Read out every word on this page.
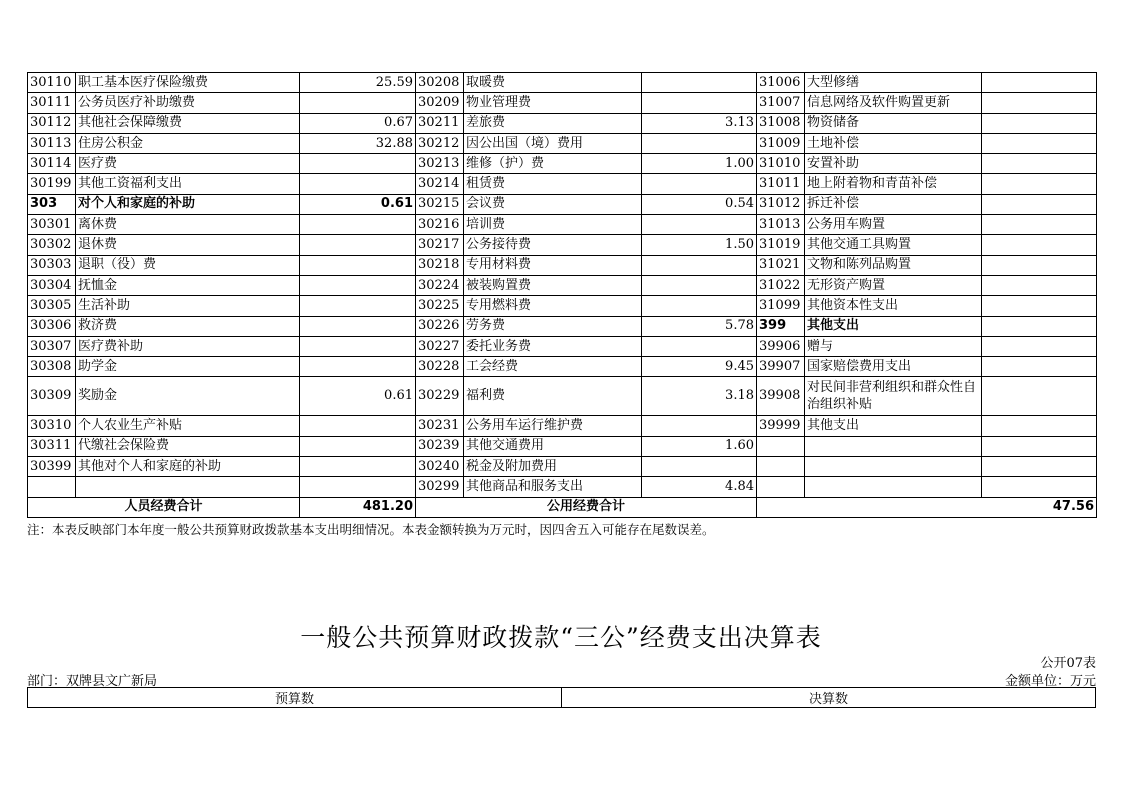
30110	职工基本医疗保险缴费	25.59	30208	取暖费		31006	大型修缮	
30111	公务员医疗补助缴费		30209	物业管理费		31007	信息网络及软件购置更新	
30112	其他社会保障缴费	0.67	30211	差旅费	3.13	31008	物资储备	
30113	住房公积金	32.88	30212	因公出国（境）费用		31009	土地补偿	
30114	医疗费		30213	维修（护）费	1.00	31010	安置补助	
30199	其他工资福利支出		30214	租赁费		31011	地上附着物和青苗补偿	
303	对个人和家庭的补助	0.61	30215	会议费	0.54	31012	拆迁补偿	
30301	离休费		30216	培训费		31013	公务用车购置	
30302	退休费		30217	公务接待费	1.50	31019	其他交通工具购置	
30303	退职（役）费		30218	专用材料费		31021	文物和陈列品购置	
30304	抚恤金		30224	被装购置费		31022	无形资产购置	
30305	生活补助		30225	专用燃料费		31099	其他资本性支出	
30306	救济费		30226	劳务费	5.78	399	其他支出	
30307	医疗费补助		30227	委托业务费		39906	赠与	
30308	助学金		30228	工会经费	9.45	39907	国家赔偿费用支出	
30309	奖励金	0.61	30229	福利费	3.18	39908	对民间非营利组织和群众性自治组织补贴	
30310	个人农业生产补贴		30231	公务用车运行维护费		39999	其他支出	
30311	代缴社会保险费		30239	其他交通费用	1.60			
30399	其他对个人和家庭的补助		30240	税金及附加费用				
			30299	其他商品和服务支出	4.84			
人员经费合计		481.20	公用经费合计			47.56		
注：本表反映部门本年度一般公共预算财政拨款基本支出明细情况。本表金额转换为万元时，因四舍五入可能存在尾数误差。
一般公共预算财政拨款“三公”经费支出决算表
公开07表
部门：双牌县文广新局	金额单位：万元
预算数	决算数
